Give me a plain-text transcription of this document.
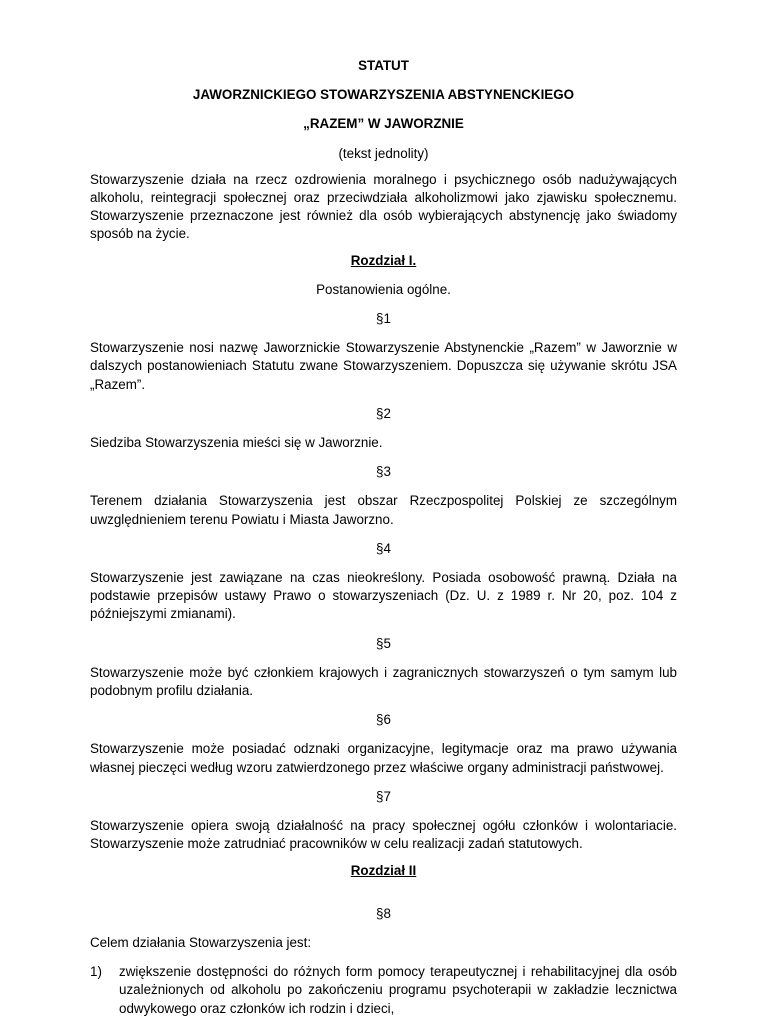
STATUT

JAWORZNICKIEGO STOWARZYSZENIA ABSTYNENCKIEGO

„RAZEM” W JAWORZNIE

(tekst jednolity)

Stowarzyszenie działa na rzecz ozdrowienia moralnego i psychicznego osób nadużywających alkoholu, reintegracji społecznej oraz przeciwdziała alkoholizmowi jako zjawisku społecznemu. Stowarzyszenie przeznaczone jest również dla osób wybierających abstynencję jako świadomy sposób na życie.

Rozdział I.

Postanowienia ogólne.

§1

Stowarzyszenie nosi nazwę Jaworznickie Stowarzyszenie Abstynenckie „Razem” w Jaworznie w dalszych postanowieniach Statutu zwane Stowarzyszeniem. Dopuszcza się używanie skrótu JSA „Razem”.

§2

Siedziba Stowarzyszenia mieści się w Jaworznie.

§3

Terenem działania Stowarzyszenia jest obszar Rzeczpospolitej Polskiej ze szczególnym uwzględnieniem terenu Powiatu i Miasta Jaworzno.

§4

Stowarzyszenie jest zawiązane na czas nieokreślony. Posiada osobowość prawną. Działa na podstawie przepisów ustawy Prawo o stowarzyszeniach (Dz. U. z 1989 r. Nr 20, poz. 104 z późniejszymi zmianami).

§5

Stowarzyszenie może być członkiem krajowych i zagranicznych stowarzyszeń o tym samym lub podobnym profilu działania.

§6

Stowarzyszenie może posiadać odznaki organizacyjne, legitymacje oraz ma prawo używania własnej pieczęci według wzoru zatwierdzonego przez właściwe organy administracji państwowej.

§7

Stowarzyszenie opiera swoją działalność na pracy społecznej ogółu członków i wolontariacie. Stowarzyszenie może zatrudniać pracowników w celu realizacji zadań statutowych.

Rozdział II

§8

Celem działania Stowarzyszenia jest:

1)	zwiększenie dostępności do różnych form pomocy terapeutycznej i rehabilitacyjnej dla osób uzależnionych od alkoholu po zakończeniu programu psychoterapii w zakładzie lecznictwa odwykowego oraz członków ich rodzin i dzieci,
